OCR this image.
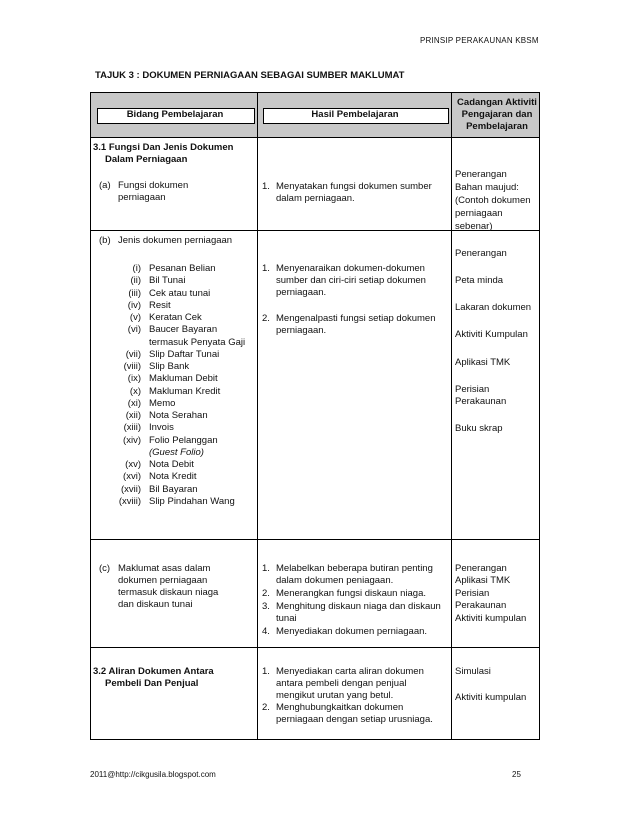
PRINSIP PERAKAUNAN KBSM
TAJUK 3 : DOKUMEN PERNIAGAAN SEBAGAI SUMBER MAKLUMAT
Bidang Pembelajaran	Hasil Pembelajaran
Cadangan Aktiviti
Pengajaran dan
Pembelajaran
3.1 Fungsi Dan Jenis Dokumen
Dalam Perniagaan
(a) Fungsi dokumen
perniagaan
1. Menyatakan fungsi dokumen sumber
dalam perniagaan.
Penerangan
Bahan maujud:
(Contoh dokumen
perniagaan
sebenar)
(b) Jenis dokumen perniagaan
(i) Pesanan Belian
(ii) Bil Tunai
(iii) Cek atau tunai
(iv) Resit
(v) Keratan Cek
(vi) Baucer Bayaran
termasuk Penyata Gaji
(vii) Slip Daftar Tunai
(viii) Slip Bank
(ix) Makluman Debit
(x) Makluman Kredit
(xi) Memo
(xii) Nota Serahan
(xiii) Invois
(xiv) Folio Pelanggan
(Guest Folio)
(xv) Nota Debit
(xvi) Nota Kredit
(xvii) Bil Bayaran
(xviii) Slip Pindahan Wang
1. Menyenaraikan dokumen-dokumen
sumber dan ciri-ciri setiap dokumen
perniagaan.
2. Mengenalpasti fungsi setiap dokumen
perniagaan.
Penerangan
Peta minda
Lakaran dokumen
Aktiviti Kumpulan
Aplikasi TMK
Perisian
Perakaunan
Buku skrap
(c) Maklumat asas dalam
dokumen perniagaan
termasuk diskaun niaga
dan diskaun tunai
1. Melabelkan beberapa butiran penting
dalam dokumen peniagaan.
2. Menerangkan fungsi diskaun niaga.
3. Menghitung diskaun niaga dan diskaun
tunai
4. Menyediakan dokumen perniagaan.
Penerangan
Aplikasi TMK
Perisian
Perakaunan
Aktiviti kumpulan
3.2 Aliran Dokumen Antara
Pembeli Dan Penjual
1. Menyediakan carta aliran dokumen
antara pembeli dengan penjual
mengikut urutan yang betul.
2. Menghubungkaitkan dokumen
perniagaan dengan setiap urusniaga.
Simulasi
Aktiviti kumpulan
2011@http://cikgusila.blogspot.com	25
